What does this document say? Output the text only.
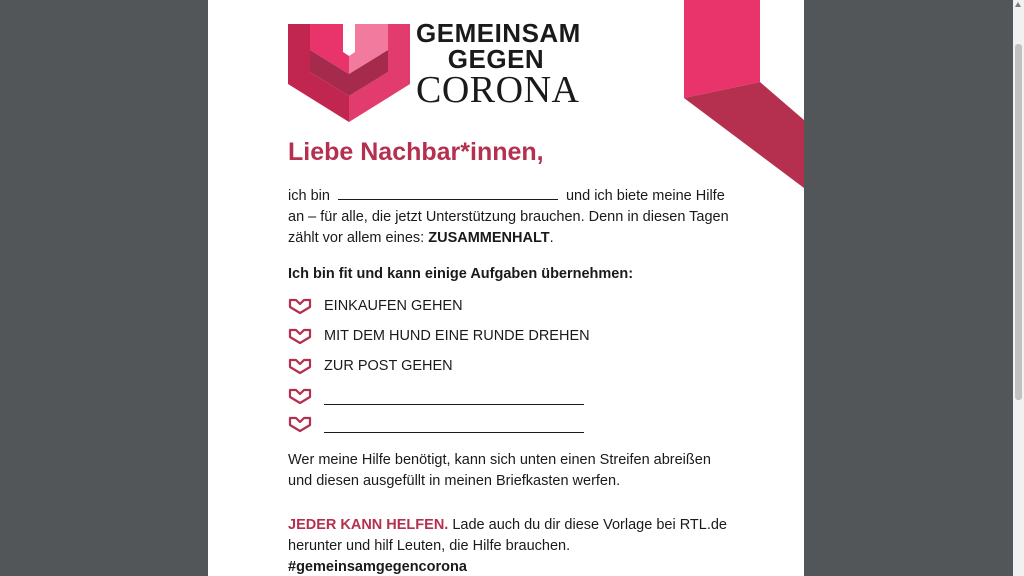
GEMEINSAM
GEGEN
CORONA
Liebe Nachbar*innen,
ich bin	und ich biete meine Hilfe an – für alle, die jetzt Unterstützung brauchen. Denn in diesen Tagen zählt vor allem eines: ZUSAMMENHALT.
Ich bin fit und kann einige Aufgaben übernehmen:
EINKAUFEN GEHEN
MIT DEM HUND EINE RUNDE DREHEN
ZUR POST GEHEN
Wer meine Hilfe benötigt, kann sich unten einen Streifen abreißen und diesen ausgefüllt in meinen Briefkasten werfen.
JEDER KANN HELFEN. Lade auch du dir diese Vorlage bei RTL.de herunter und hilf Leuten, die Hilfe brauchen. #gemeinsamgegencorona
